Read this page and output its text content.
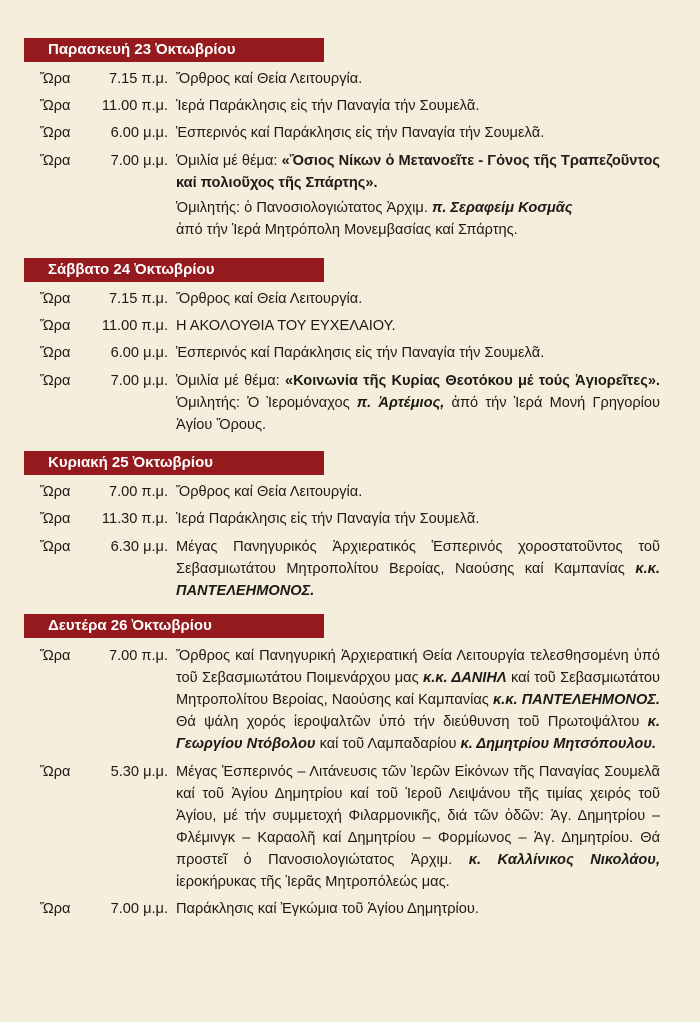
Παρασκευή 23 Ὀκτωβρίου
Ὥρα	7.15 π.μ. Ὄρθρος καί Θεία Λειτουργία.
Ὥρα	11.00 π.μ. Ἱερά Παράκλησις εἰς τήν Παναγία τήν Σουμελᾶ.
Ὥρα	6.00 μ.μ. Ἑσπερινός καί Παράκλησις εἰς τήν Παναγία τήν Σουμελᾶ.
Ὥρα	7.00 μ.μ. Ὁμιλία μέ θέμα: «Ὅσιος Νίκων ὁ Μετανοεῖτε - Γόνος τῆς Τραπεζοῦντος καί πολιοῦχος τῆς Σπάρτης».
Ὁμιλητής: ὁ Πανοσιολογιώτατος Ἀρχιμ. π. Σεραφείμ Κοσμᾶς
ἀπό τήν Ἱερά Μητρόπολη Μονεμβασίας καί Σπάρτης.
Σάββατο 24 Ὀκτωβρίου
Ὥρα	7.15 π.μ. Ὄρθρος καί Θεία Λειτουργία.
Ὥρα	11.00 π.μ. Η ΑΚΟΛΟΥΘΙΑ ΤΟΥ ΕΥΧΕΛΑΙΟΥ.
Ὥρα	6.00 μ.μ. Ἑσπερινός καί Παράκλησις εἰς τήν Παναγία τήν Σουμελᾶ.
Ὥρα	7.00 μ.μ. Ὁμιλία μέ θέμα: «Κοινωνία τῆς Κυρίας Θεοτόκου μέ τούς Ἁγιορεῖτες». Ὁμιλητής: Ὁ Ἱερομόναχος π. Ἀρτέμιος, ἀπό τήν Ἱερά Μονή Γρηγορίου Ἁγίου Ὄρους.
Κυριακή 25 Ὀκτωβρίου
Ὥρα	7.00 π.μ. Ὄρθρος καί Θεία Λειτουργία.
Ὥρα	11.30 π.μ. Ἱερά Παράκλησις εἰς τήν Παναγία τήν Σουμελᾶ.
Ὥρα	6.30 μ.μ. Μέγας Πανηγυρικός Ἀρχιερατικός Ἑσπερινός χοροστατοῦντος τοῦ Σεβασμιωτάτου Μητροπολίτου Βεροίας, Ναούσης καί Καμπανίας κ.κ. ΠΑΝΤΕΛΕΗΜΟΝΟΣ.
Δευτέρα 26 Ὀκτωβρίου
Ὥρα	7.00 π.μ. Ὄρθρος καί Πανηγυρική Ἀρχιερατική Θεία Λειτουργία τελεσθησομένη ὑπό τοῦ Σεβασμιωτάτου Ποιμενάρχου μας κ.κ. ΔΑΝΙΗΛ καί τοῦ Σεβασμιωτάτου Μητροπολίτου Βεροίας, Ναούσης καί Καμπανίας κ.κ. ΠΑΝΤΕΛΕΗΜΟΝΟΣ. Θά ψάλη χορός ἱεροψαλτῶν ὑπό τήν διεύθυνση τοῦ Πρωτοψάλτου κ. Γεωργίου Ντόβολου καί τοῦ Λαμπαδαρίου κ. Δημητρίου Μητσόπουλου.
Ὥρα	5.30 μ.μ. Μέγας Ἑσπερινός – Λιτάνευσις τῶν Ἱερῶν Εἰκόνων τῆς Παναγίας Σουμελᾶ καί τοῦ Ἁγίου Δημητρίου καί τοῦ Ἱεροῦ Λειψάνου τῆς τιμίας χειρός τοῦ Ἁγίου, μέ τήν συμμετοχή Φιλαρμονικῆς, διά τῶν ὁδῶν: Ἁγ. Δημητρίου – Φλέμινγκ – Καραολῆ καί Δημητρίου – Φορμίωνος – Ἁγ. Δημητρίου. Θά προστεῖ ὁ Πανοσιολογιώτατος Ἀρχιμ. κ. Καλλίνικος Νικολάου, ἱεροκήρυκας τῆς Ἱερᾶς Μητροπόλεώς μας.
Ὥρα	7.00 μ.μ. Παράκλησις καί Ἐγκώμια τοῦ Ἁγίου Δημητρίου.
